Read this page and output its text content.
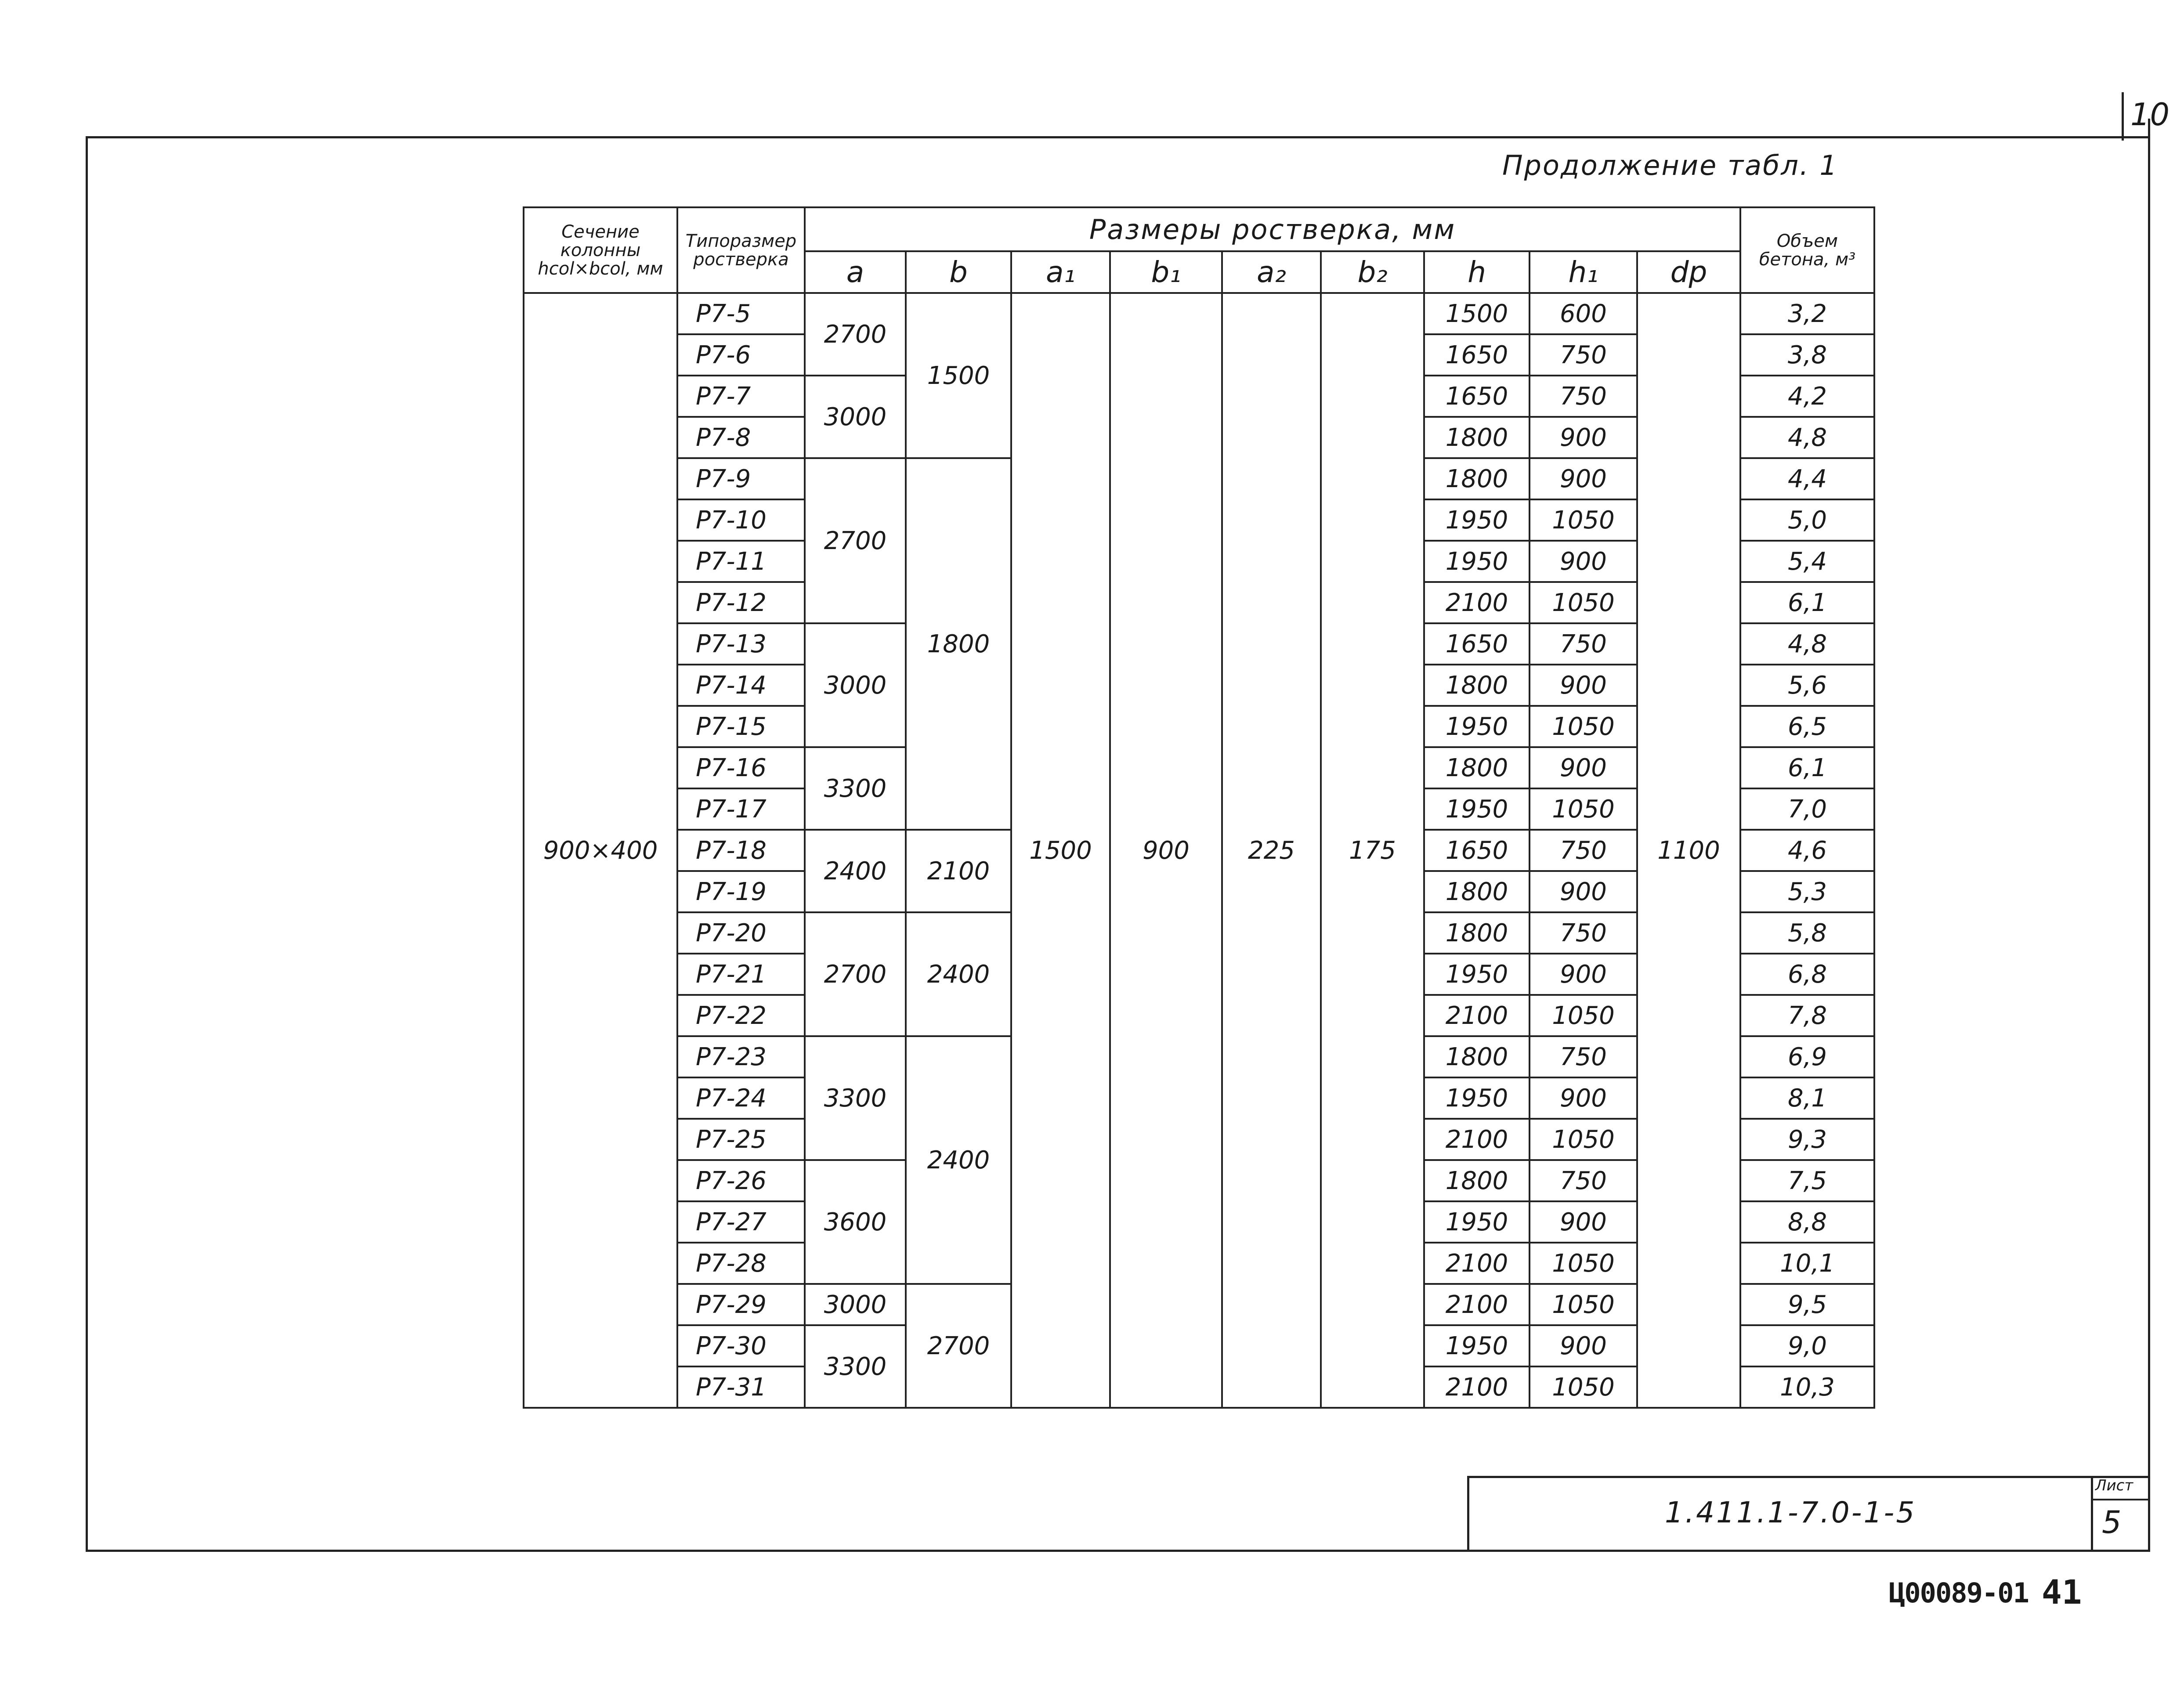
10
Продолжение табл. 1
Сечение колонны hcol×bcol, мм	Типоразмер ростверка	Размеры ростверка, мм									Объем бетона, м³
		a	b	a₁	b₁	a₂	b₂	h	h₁	dp	
900×400	Р7-5	2700	1500	1500	900	225	175	1500	600	1100	3,2
	Р7-6							1650	750		3,8
	Р7-7	3000						1650	750		4,2
	Р7-8							1800	900		4,8
	Р7-9	2700	1800					1800	900		4,4
	Р7-10							1950	1050		5,0
	Р7-11							1950	900		5,4
	Р7-12							2100	1050		6,1
	Р7-13	3000						1650	750		4,8
	Р7-14							1800	900		5,6
	Р7-15							1950	1050		6,5
	Р7-16	3300						1800	900		6,1
	Р7-17							1950	1050		7,0
	Р7-18	2400	2100					1650	750		4,6
	Р7-19							1800	900		5,3
	Р7-20	2700	2400					1800	750		5,8
	Р7-21							1950	900		6,8
	Р7-22							2100	1050		7,8
	Р7-23	3300	2400					1800	750		6,9
	Р7-24							1950	900		8,1
	Р7-25							2100	1050		9,3
	Р7-26	3600						1800	750		7,5
	Р7-27							1950	900		8,8
	Р7-28							2100	1050		10,1
	Р7-29	3000	2700					2100	1050		9,5
	Р7-30	3300						1950	900		9,0
	Р7-31							2100	1050		10,3
1.411.1-7.0-1-5
Лист
5
Ц00089-01 41
